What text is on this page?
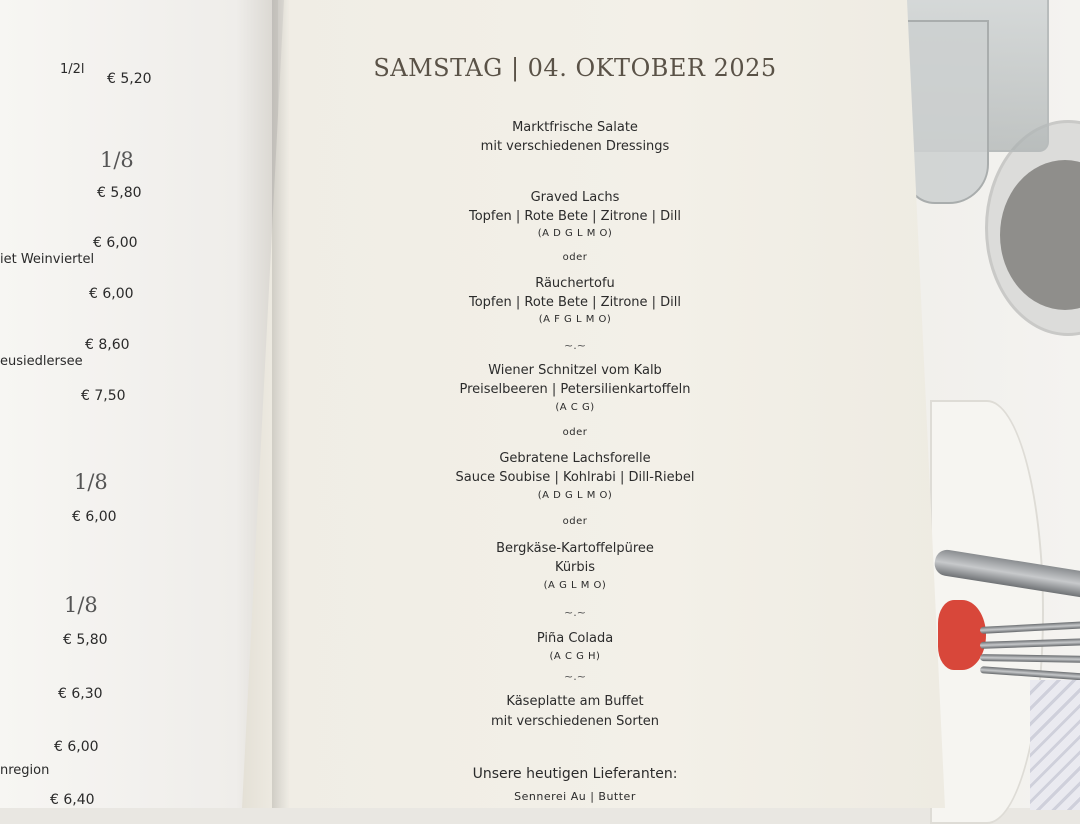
1/2l
€ 5,20
1/8
€ 5,80
€ 6,00
iet Weinviertel
€ 6,00
€ 8,60
eusiedlersee
€ 7,50
1/8
€ 6,00
1/8
€ 5,80
€ 6,30
€ 6,00
nregion
€ 6,40
SAMSTAG | 04. OKTOBER 2025
Marktfrische Salate
mit verschiedenen Dressings
Graved Lachs
Topfen | Rote Bete | Zitrone | Dill
(A D G L M O)
oder
Räuchertofu
Topfen | Rote Bete | Zitrone | Dill
(A F G L M O)
~.~
Wiener Schnitzel vom Kalb
Preiselbeeren | Petersilienkartoffeln
(A C G)
oder
Gebratene Lachsforelle
Sauce Soubise | Kohlrabi | Dill-Riebel
(A D G L M O)
oder
Bergkäse-Kartoffelpüree
Kürbis
(A G L M O)
~.~
Piña Colada
(A C G H)
~.~
Käseplatte am Buffet
mit verschiedenen Sorten
Unsere heutigen Lieferanten:
Sennerei Au | Butter
